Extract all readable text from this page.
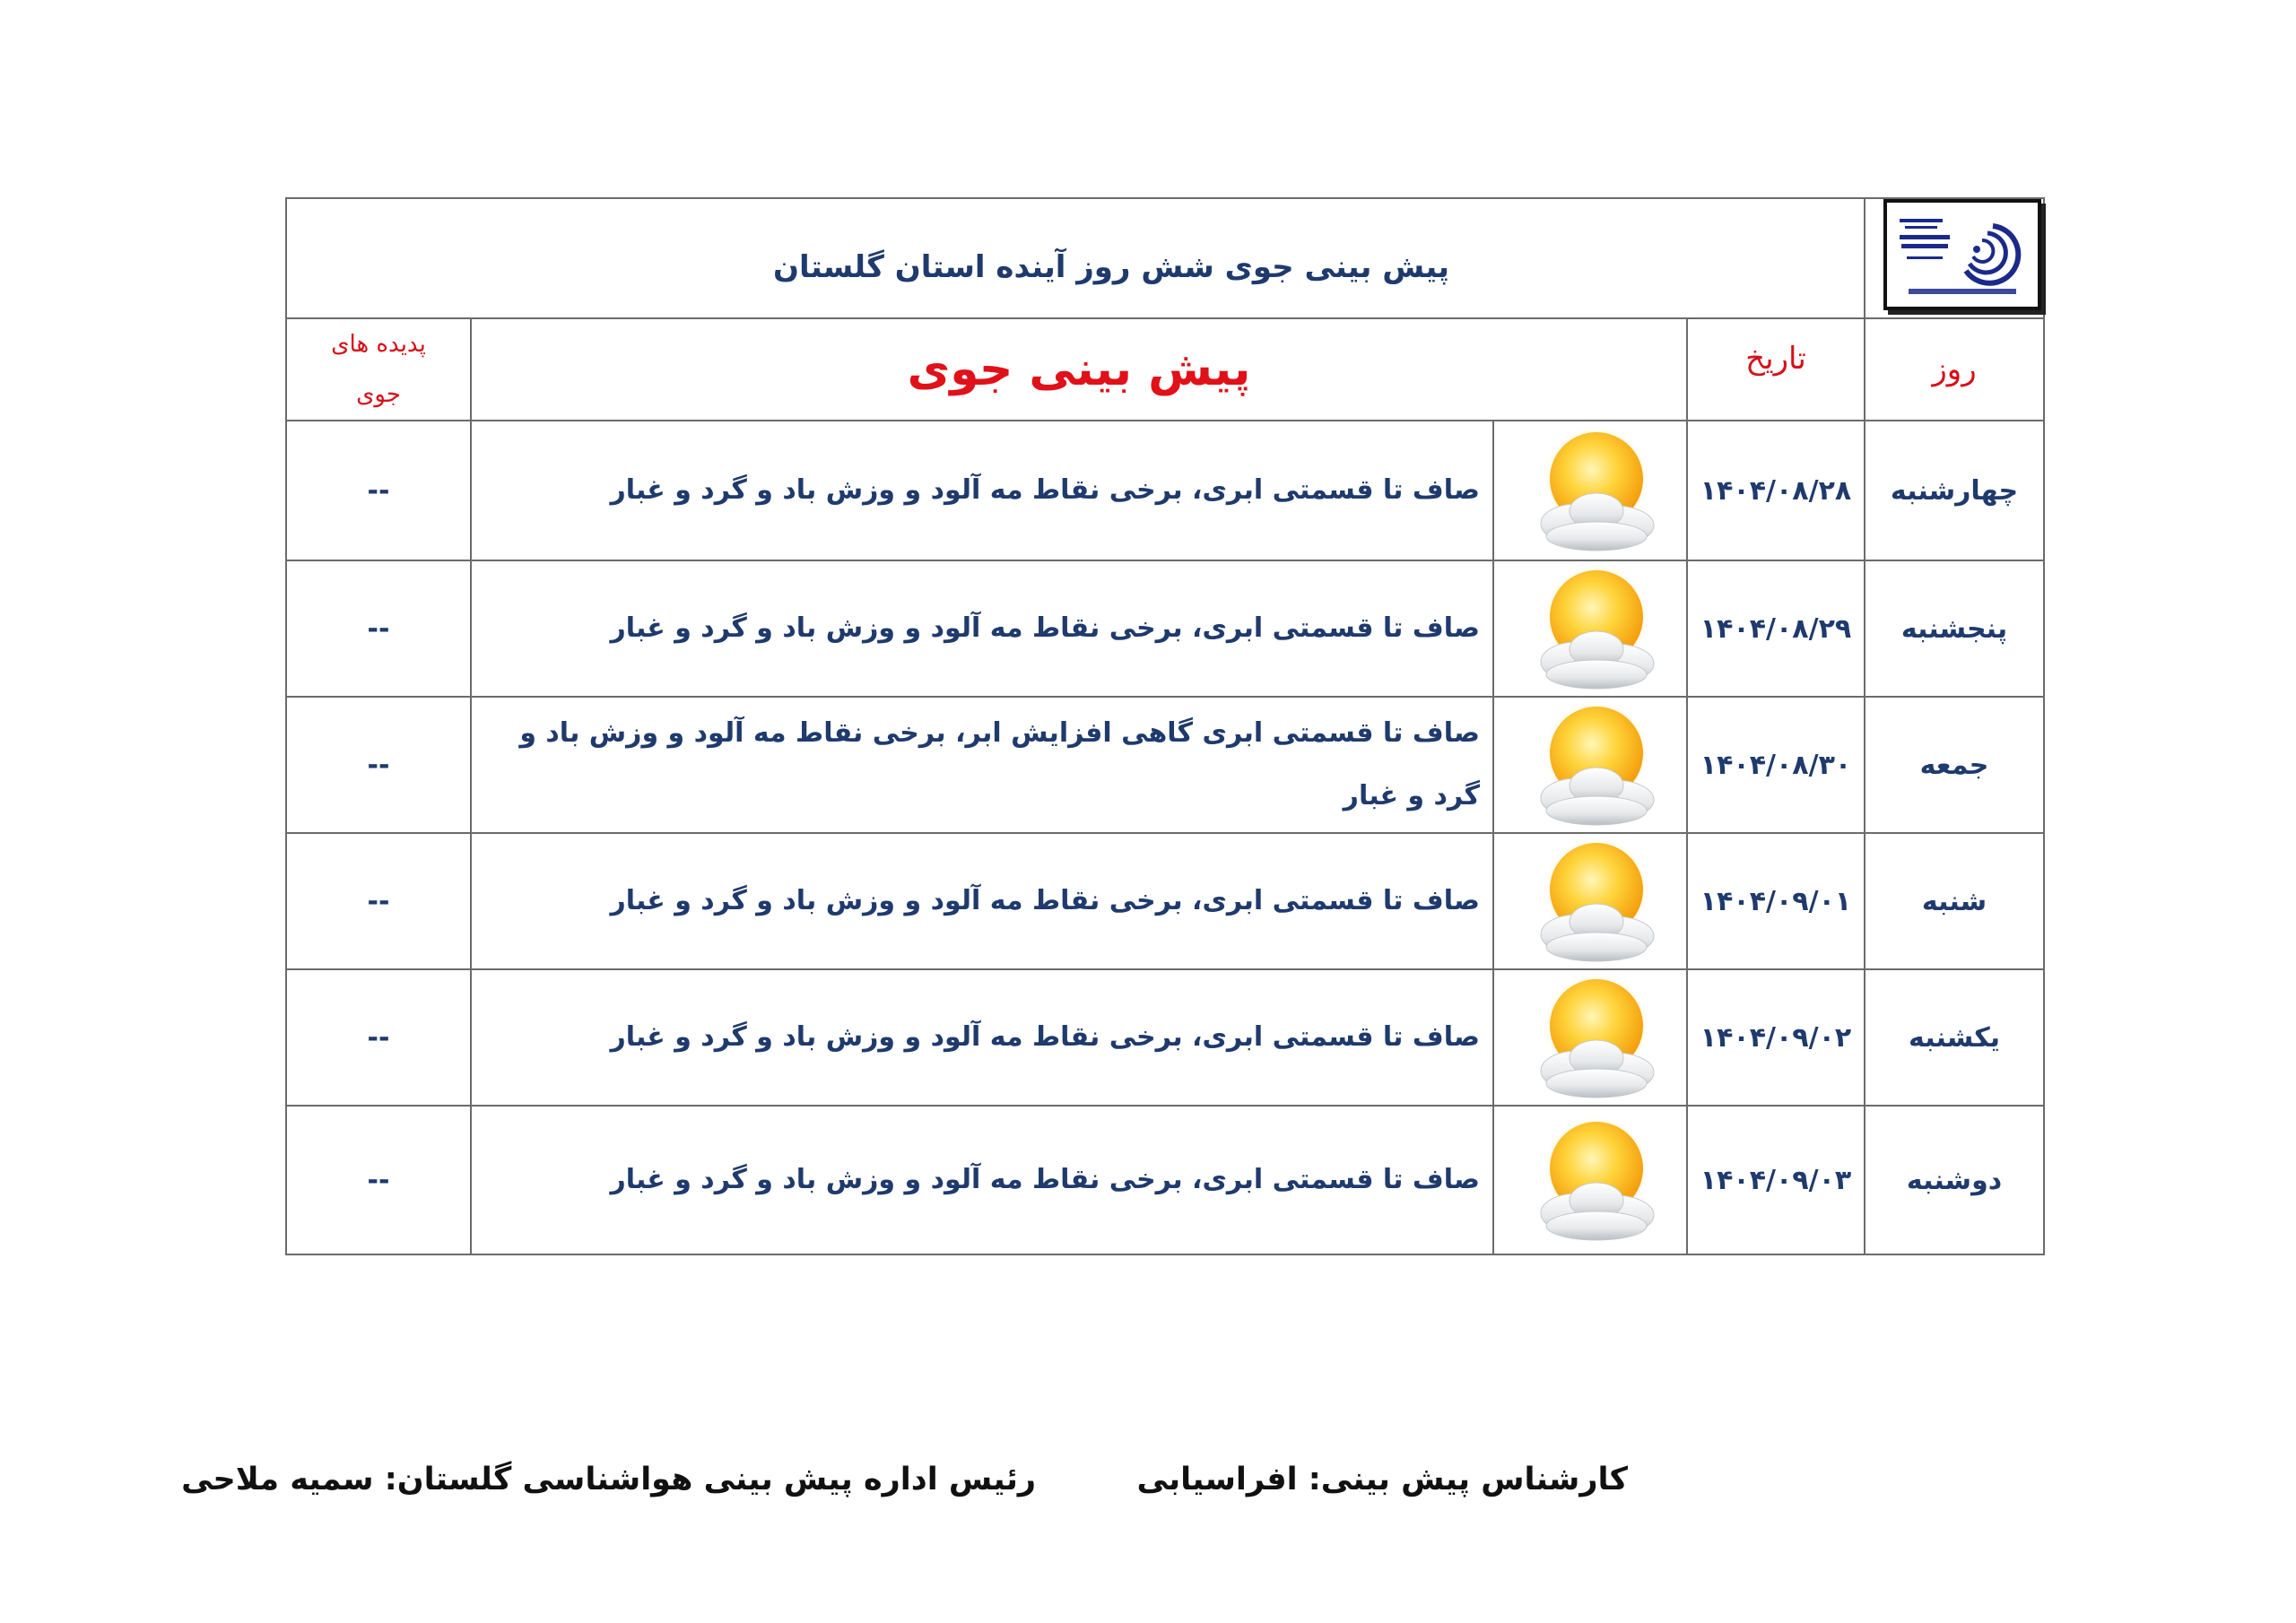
	پیش بینی جوی شش روز آینده استان گلستان			
روز	تاریخ	پیش بینی جوی		پدیده های
جوی
چهارشنبه	۱۴۰۴/۰۸/۲۸		صاف تا قسمتی ابری، برخی نقاط مه آلود و وزش باد و گرد و غبار	--
پنجشنبه	۱۴۰۴/۰۸/۲۹		صاف تا قسمتی ابری، برخی نقاط مه آلود و وزش باد و گرد و غبار	--
جمعه	۱۴۰۴/۰۸/۳۰		صاف تا قسمتی ابری گاهی افزایش ابر، برخی نقاط مه آلود و وزش باد و گرد و غبار	--
شنبه	۱۴۰۴/۰۹/۰۱		صاف تا قسمتی ابری، برخی نقاط مه آلود و وزش باد و گرد و غبار	--
یکشنبه	۱۴۰۴/۰۹/۰۲		صاف تا قسمتی ابری، برخی نقاط مه آلود و وزش باد و گرد و غبار	--
دوشنبه	۱۴۰۴/۰۹/۰۳		صاف تا قسمتی ابری، برخی نقاط مه آلود و وزش باد و گرد و غبار	--
کارشناس پیش بینی: افراسیابی
رئیس اداره پیش بینی هواشناسی گلستان: سمیه ملاحی
